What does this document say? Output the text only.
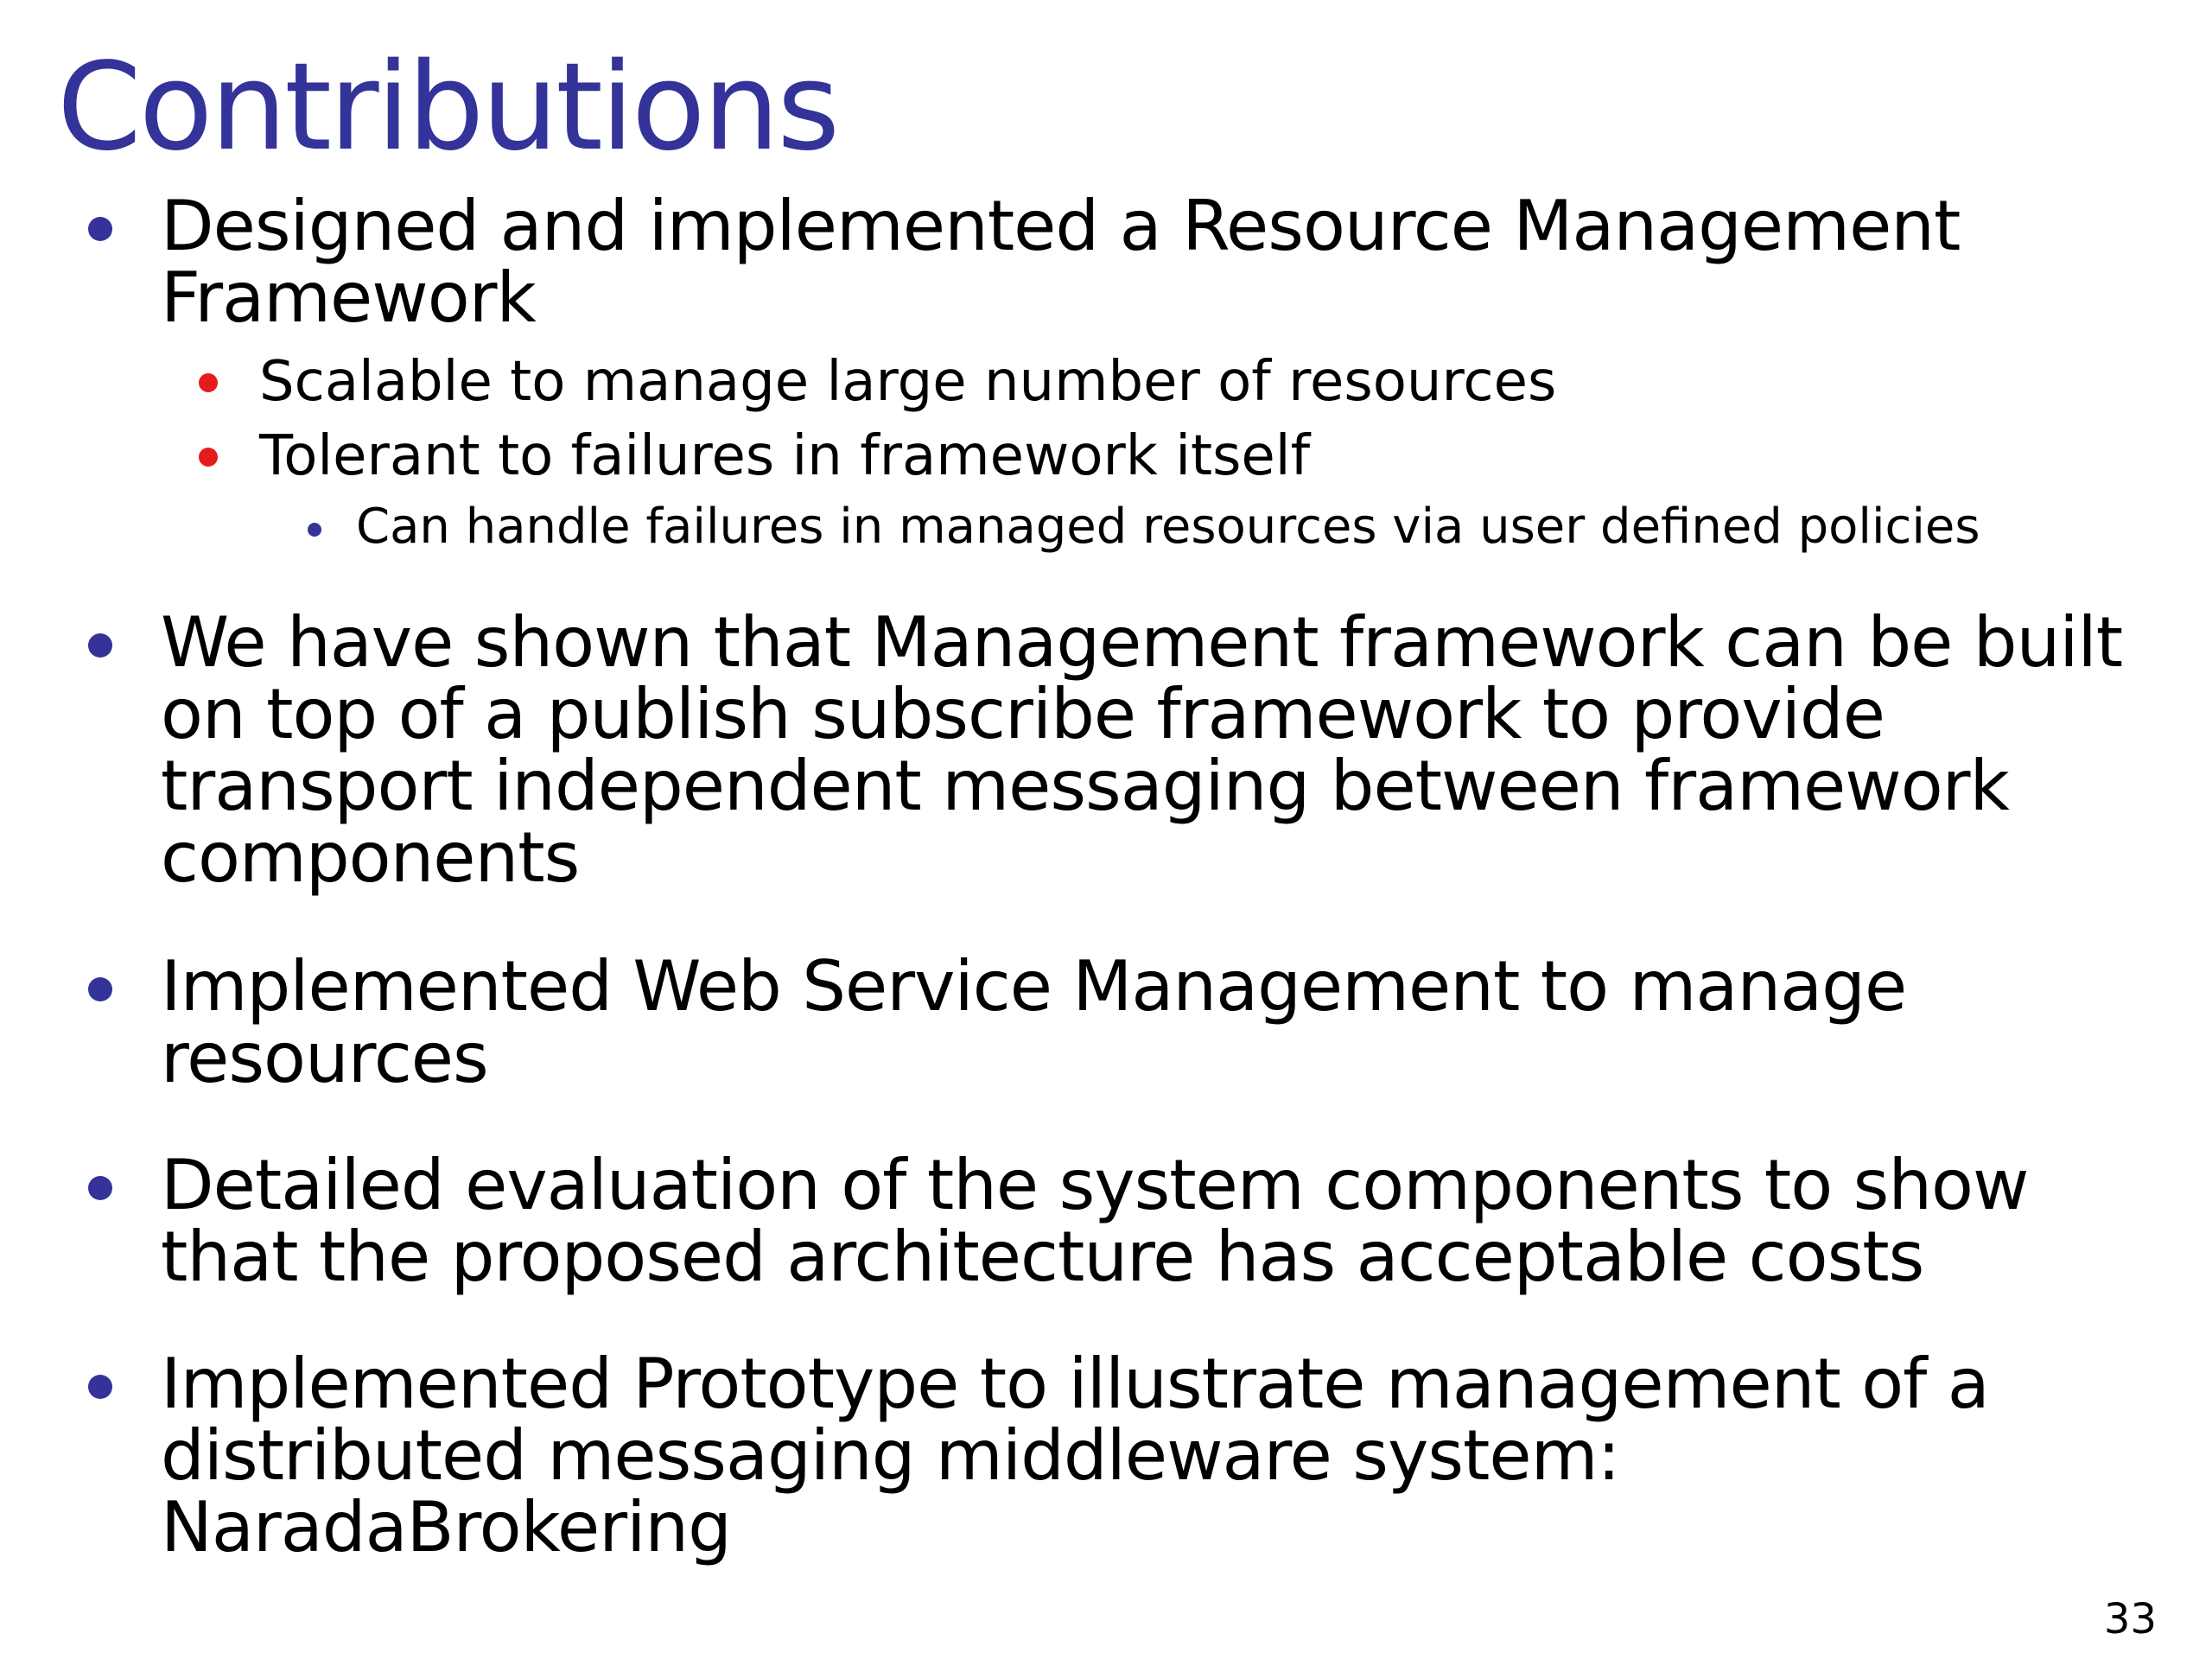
Contributions
Designed and implemented a Resource Management Framework
Scalable to manage large number of resources
Tolerant to failures in framework itself
Can handle failures in managed resources via user defined policies
We have shown that Management framework can be built on top of a publish subscribe framework to provide transport independent messaging between framework components
Implemented Web Service Management to manage resources
Detailed evaluation of the system components to show that the proposed architecture has acceptable costs
Implemented Prototype to illustrate management of a distributed messaging middleware system: NaradaBrokering
33
